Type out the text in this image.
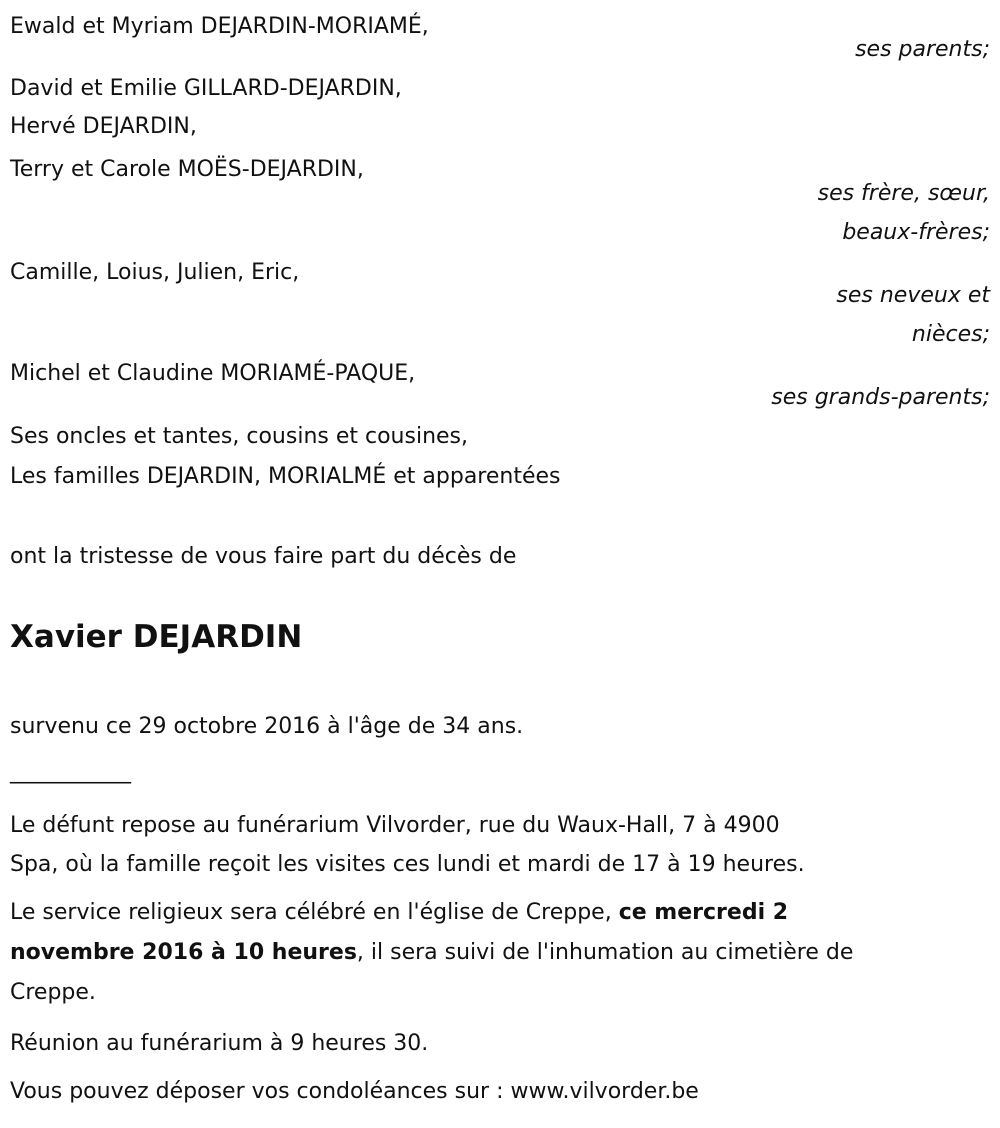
Ewald et Myriam DEJARDIN-MORIAMÉ,
ses parents;
David et Emilie GILLARD-DEJARDIN,
Hervé DEJARDIN,
Terry et Carole MOËS-DEJARDIN,
ses frère, sœur,
beaux-frères;
Camille, Loius, Julien, Eric,
ses neveux et
nièces;
Michel et Claudine MORIAMÉ-PAQUE,
ses grands-parents;
Ses oncles et tantes, cousins et cousines,
Les familles DEJARDIN, MORIALMÉ et apparentées
ont la tristesse de vous faire part du décès de
Xavier DEJARDIN
survenu ce 29 octobre 2016 à l'âge de 34 ans.
___________
Le défunt repose au funérarium Vilvorder, rue du Waux-Hall, 7 à 4900
Spa, où la famille reçoit les visites ces lundi et mardi de 17 à 19 heures.
Le service religieux sera célébré en l'église de Creppe, ce mercredi 2
novembre 2016 à 10 heures, il sera suivi de l'inhumation au cimetière de
Creppe.
Réunion au funérarium à 9 heures 30.
Vous pouvez déposer vos condoléances sur : www.vilvorder.be
